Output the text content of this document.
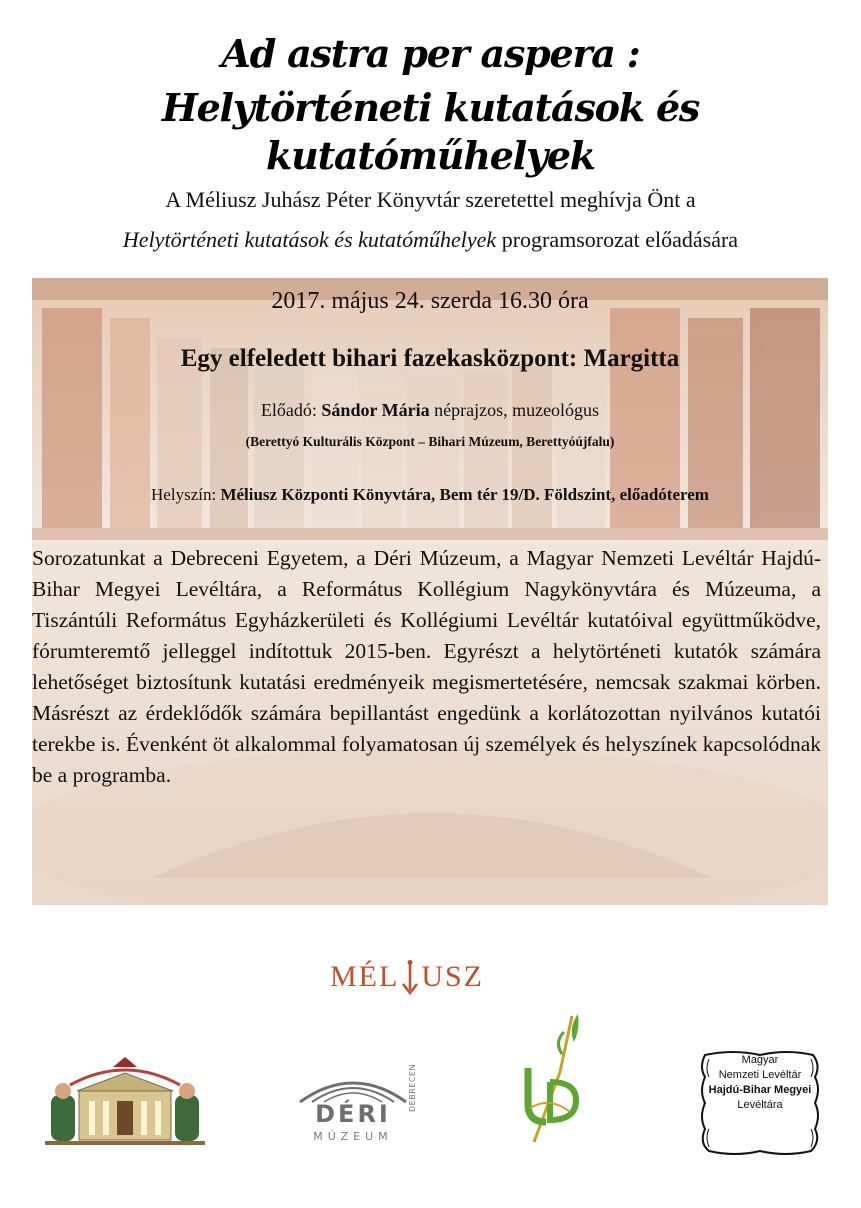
Ad astra per aspera :
Helytörténeti kutatások és kutatóműhelyek
A Méliusz Juhász Péter Könyvtár szeretettel meghívja Önt a
Helytörténeti kutatások és kutatóműhelyek programsorozat előadására
2017. május 24. szerda 16.30 óra
Egy elfeledett bihari fazekasközpont: Margitta
Előadó: Sándor Mária néprajzos, muzeológus
(Berettyó Kulturális Központ – Bihari Múzeum, Berettyóújfalu)
Helyszín: Méliusz Központi Könyvtára, Bem tér 19/D. Földszint, előadóterem
Sorozatunkat a Debreceni Egyetem, a Déri Múzeum, a Magyar Nemzeti Levéltár Hajdú-Bihar Megyei Levéltára, a Református Kollégium Nagykönyvtára és Múzeuma, a Tiszántúli Református Egyházkerületi és Kollégiumi Levéltár kutatóival együttműködve, fórumteremtő jelleggel indítottuk 2015-ben. Egyrészt a helytörténeti kutatók számára lehetőséget biztosítunk kutatási eredményeik megismertetésére, nemcsak szakmai körben. Másrészt az érdeklődők számára bepillantást engedünk a korlátozottan nyilvános kutatói terekbe is. Évenként öt alkalommal folyamatosan új személyek és helyszínek kapcsolódnak be a programba.
MÉL USZ
DÉRI
MÚZEUM
DEBRECEN
Magyar
Nemzeti Levéltár
Hajdú-Bihar Megyei
Levéltára
